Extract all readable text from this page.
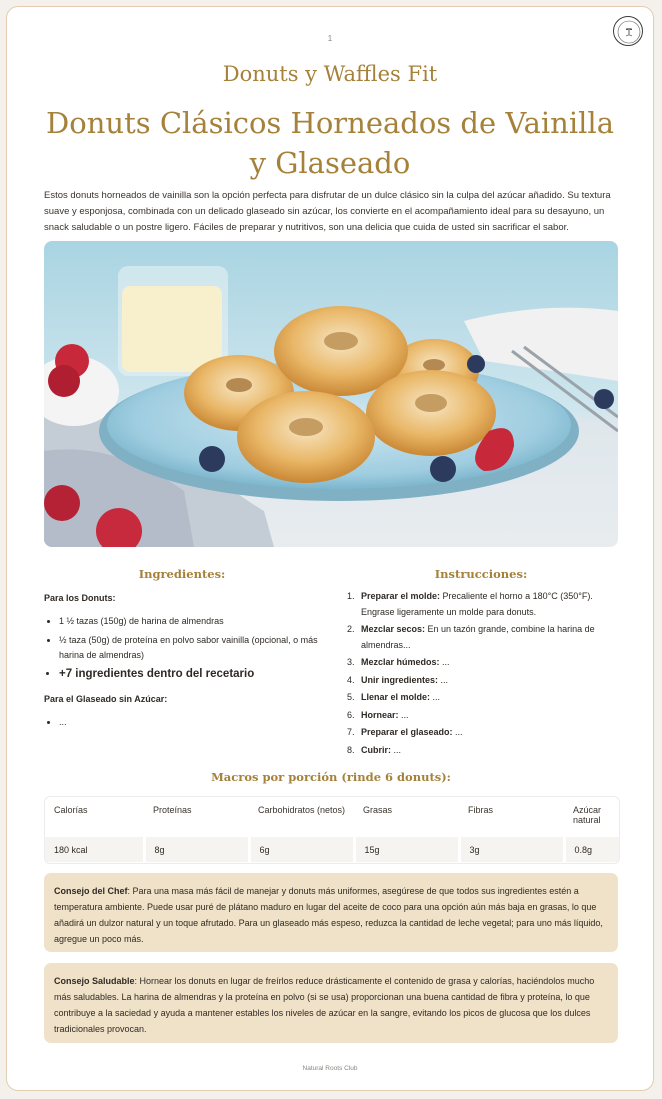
1
Donuts y Waffles Fit
Donuts Clásicos Horneados de Vainilla y Glaseado
Estos donuts horneados de vainilla son la opción perfecta para disfrutar de un dulce clásico sin la culpa del azúcar añadido. Su textura suave y esponjosa, combinada con un delicado glaseado sin azúcar, los convierte en el acompañamiento ideal para su desayuno, un snack saludable o un postre ligero. Fáciles de preparar y nutritivos, son una delicia que cuida de usted sin sacrificar el sabor.
Ingredientes:	Instrucciones:
Para los Donuts:
• 1 ½ tazas (150g) de harina de almendras
• ½ taza (50g) de proteína en polvo sabor vainilla (opcional, o más harina de almendras)
• +7 ingredientes dentro del recetario
Para el Glaseado sin Azúcar:
• ...
1. Preparar el molde: Precaliente el horno a 180°C (350°F). Engrase ligeramente un molde para donuts.
2. Mezclar secos: En un tazón grande, combine la harina de almendras...
3. Mezclar húmedos: ...
4. Unir ingredientes: ...
5. Llenar el molde: ...
6. Hornear: ...
7. Preparar el glaseado: ...
8. Cubrir: ...
Macros por porción (rinde 6 donuts):
Calorías	Proteínas	Carbohidratos (netos)	Grasas	Fibras	Azúcar natural
180 kcal	8g	6g	15g	3g	0.8g
Consejo del Chef: Para una masa más fácil de manejar y donuts más uniformes, asegúrese de que todos sus ingredientes estén a temperatura ambiente. Puede usar puré de plátano maduro en lugar del aceite de coco para una opción aún más baja en grasas, lo que añadirá un dulzor natural y un toque afrutado. Para un glaseado más espeso, reduzca la cantidad de leche vegetal; para uno más líquido, agregue un poco más.
Consejo Saludable: Hornear los donuts en lugar de freírlos reduce drásticamente el contenido de grasa y calorías, haciéndolos mucho más saludables. La harina de almendras y la proteína en polvo (si se usa) proporcionan una buena cantidad de fibra y proteína, lo que contribuye a la saciedad y ayuda a mantener estables los niveles de azúcar en la sangre, evitando los picos de glucosa que los dulces tradicionales provocan.
Natural Roots Club
